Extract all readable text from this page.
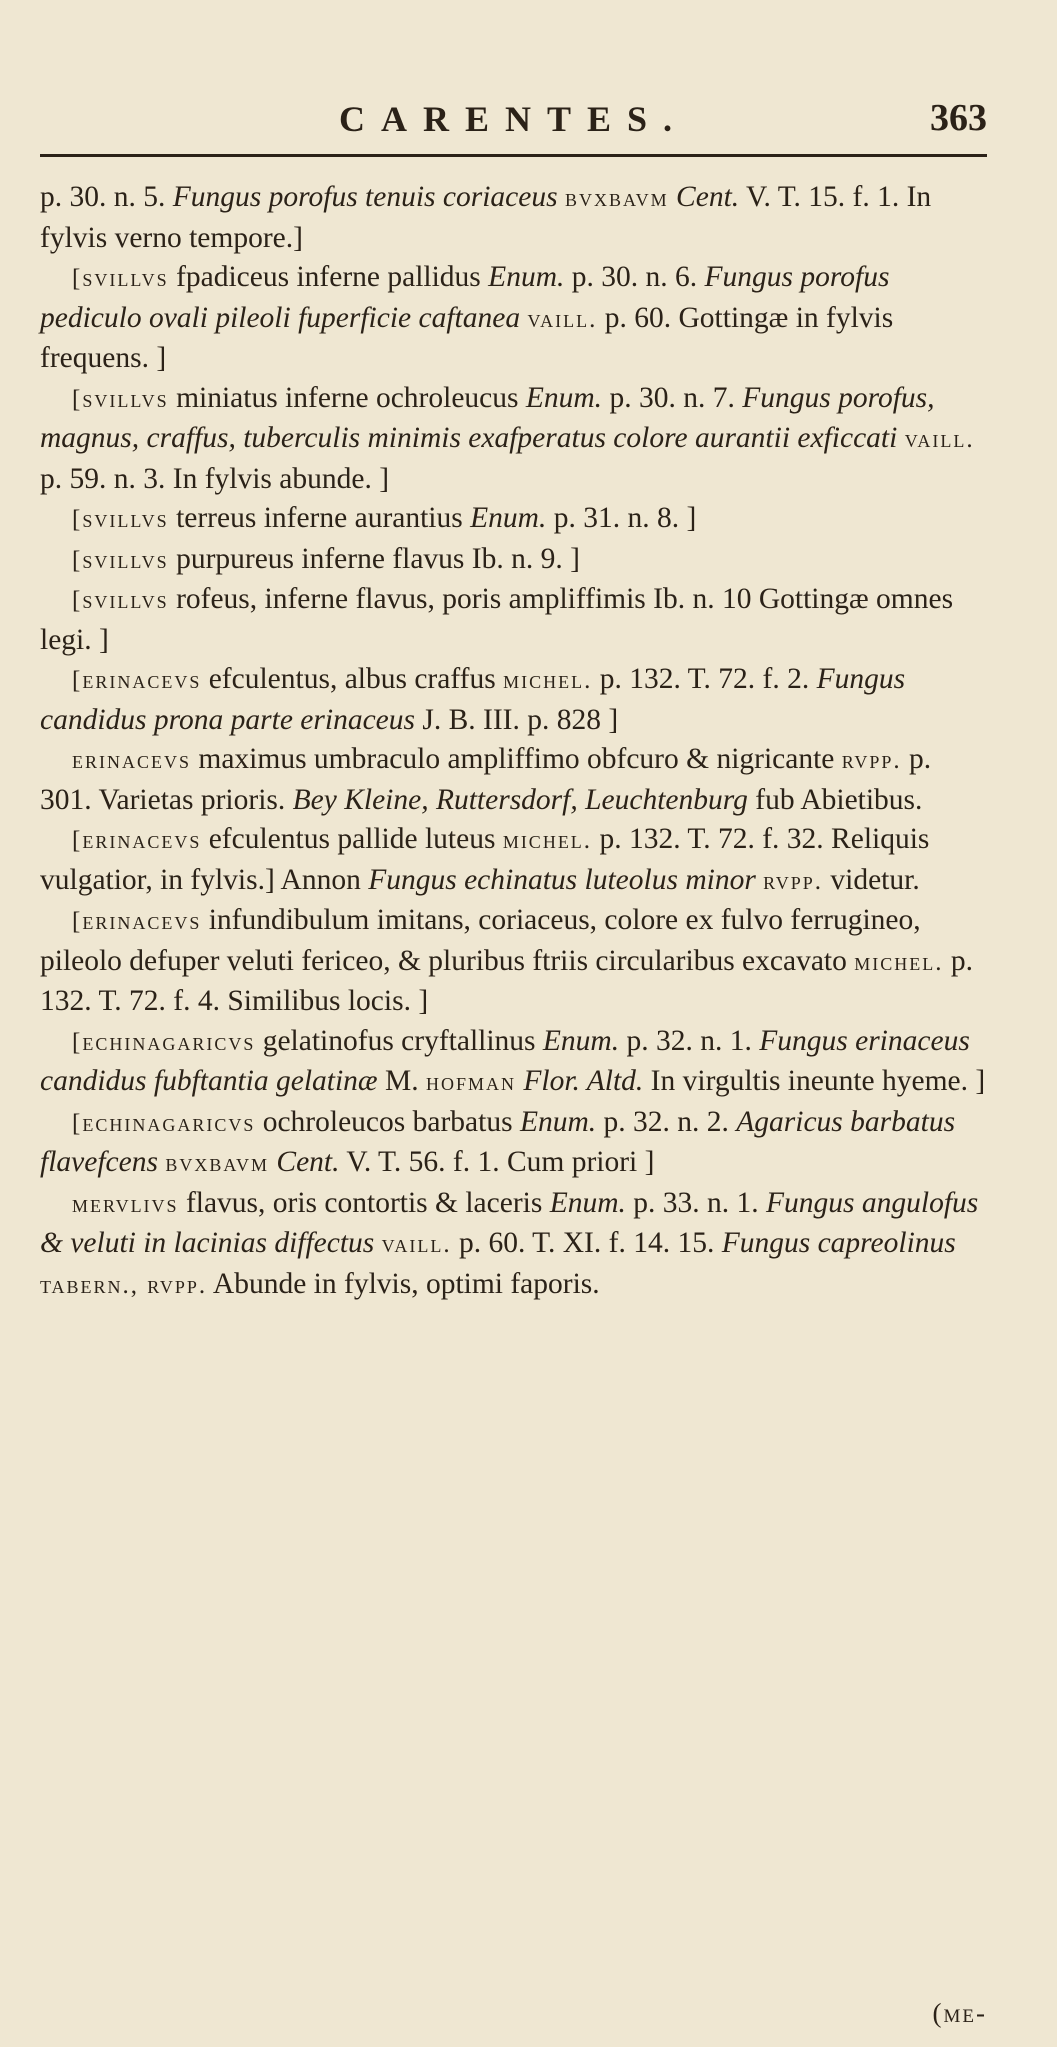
CARENTES.	363

p. 30. n. 5. Fungus porofus tenuis coriaceus bvxbavm Cent. V. T. 15. f. 1. In fylvis verno tempore.]

[svillvs fpadiceus inferne pallidus Enum. p. 30. n. 6. Fungus porofus pediculo ovali pileoli fuperficie caftanea vaill. p. 60. Gottingæ in fylvis frequens. ]

[svillvs miniatus inferne ochroleucus Enum. p. 30. n. 7. Fungus porofus, magnus, craffus, tuberculis minimis exafperatus colore aurantii exficcati vaill. p. 59. n. 3. In fylvis abunde. ]

[svillvs terreus inferne aurantius Enum. p. 31. n. 8. ]

[svillvs purpureus inferne flavus Ib. n. 9. ]

[svillvs rofeus, inferne flavus, poris ampliffimis Ib. n. 10 Gottingæ omnes legi. ]

[erinacevs efculentus, albus craffus michel. p. 132. T. 72. f. 2. Fungus candidus prona parte erinaceus J. B. III. p. 828 ]

erinacevs maximus umbraculo ampliffimo obfcuro & nigricante rvpp. p. 301. Varietas prioris. Bey Kleine, Ruttersdorf, Leuchtenburg fub Abietibus.

[erinacevs efculentus pallide luteus michel. p. 132. T. 72. f. 32. Reliquis vulgatior, in fylvis.] Annon Fungus echinatus luteolus minor rvpp. videtur.

[erinacevs infundibulum imitans, coriaceus, colore ex fulvo ferrugineo, pileolo defuper veluti fericeo, & pluribus ftriis circularibus excavato michel. p. 132. T. 72. f. 4. Similibus locis. ]

[echinagaricvs gelatinofus cryftallinus Enum. p. 32. n. 1. Fungus erinaceus candidus fubftantia gelatinæ M. hofman Flor. Altd. In virgultis ineunte hyeme. ]

[echinagaricvs ochroleucos barbatus Enum. p. 32. n. 2. Agaricus barbatus flavefcens bvxbavm Cent. V. T. 56. f. 1. Cum priori ]

mervlivs flavus, oris contortis & laceris Enum. p. 33. n. 1. Fungus angulofus & veluti in lacinias diffectus vaill. p. 60. T. XI. f. 14. 15. Fungus capreolinus tabern., rvpp. Abunde in fylvis, optimi faporis.

(me-
